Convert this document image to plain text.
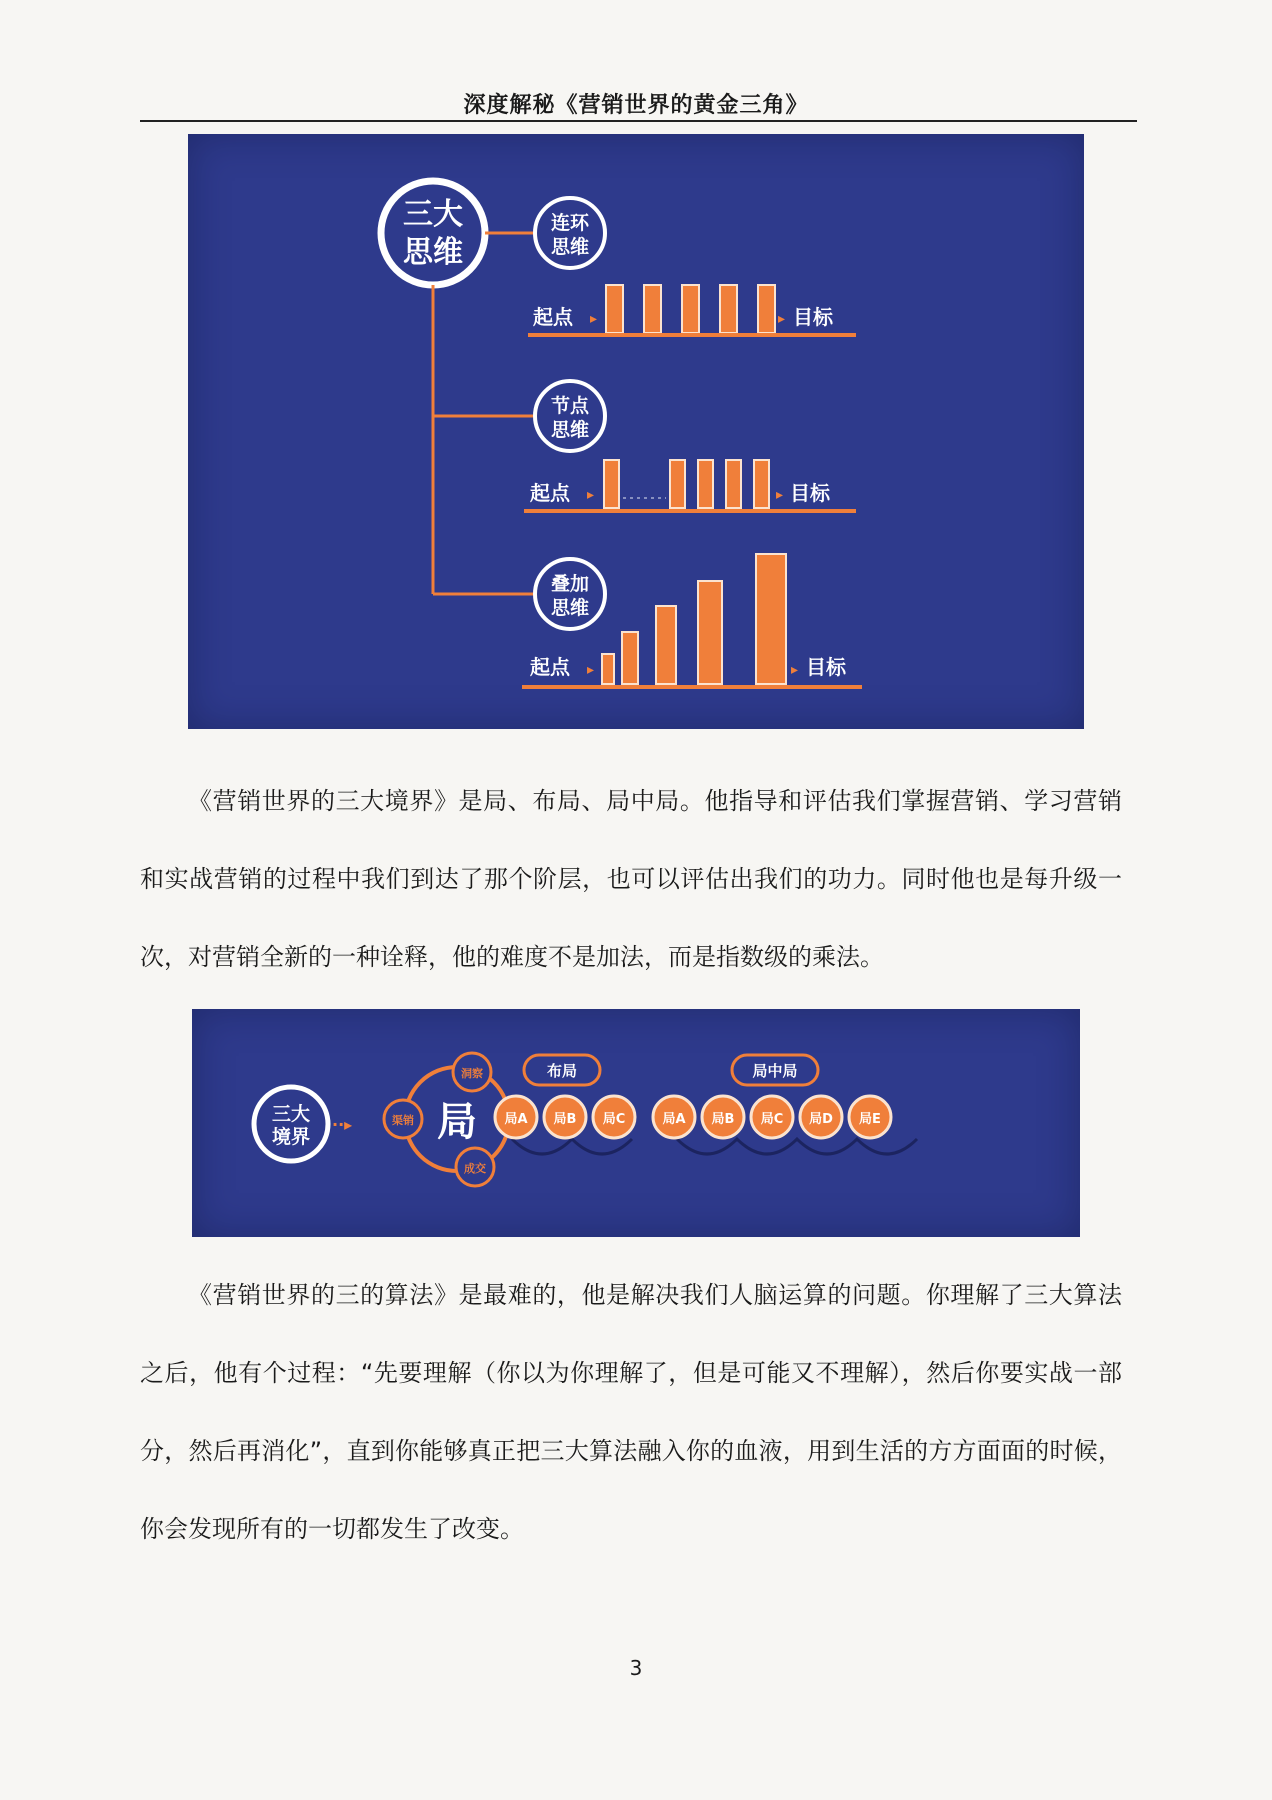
深度解秘《营销世界的黄金三角》
三大
思维
连环
思维
起点 ▸	▸ 目标
节点
思维
起点 ▸	▸ 目标
叠加
思维
起点 ▸	▸ 目标

《营销世界的三大境界》是局、布局、局中局。他指导和评估我们掌握营销、学习营销和实战营销的过程中我们到达了那个阶层，也可以评估出我们的功力。同时他也是每升级一次，对营销全新的一种诠释，他的难度不是加法，而是指数级的乘法。

三大
境界
··▸ 局
洞察
渠销
成交
布局	局中局
局A 局B 局C	局A 局B 局C 局D 局E

《营销世界的三的算法》是最难的，他是解决我们人脑运算的问题。你理解了三大算法之后，他有个过程：“先要理解（你以为你理解了，但是可能又不理解），然后你要实战一部分，然后再消化”，直到你能够真正把三大算法融入你的血液，用到生活的方方面面的时候，你会发现所有的一切都发生了改变。

3
